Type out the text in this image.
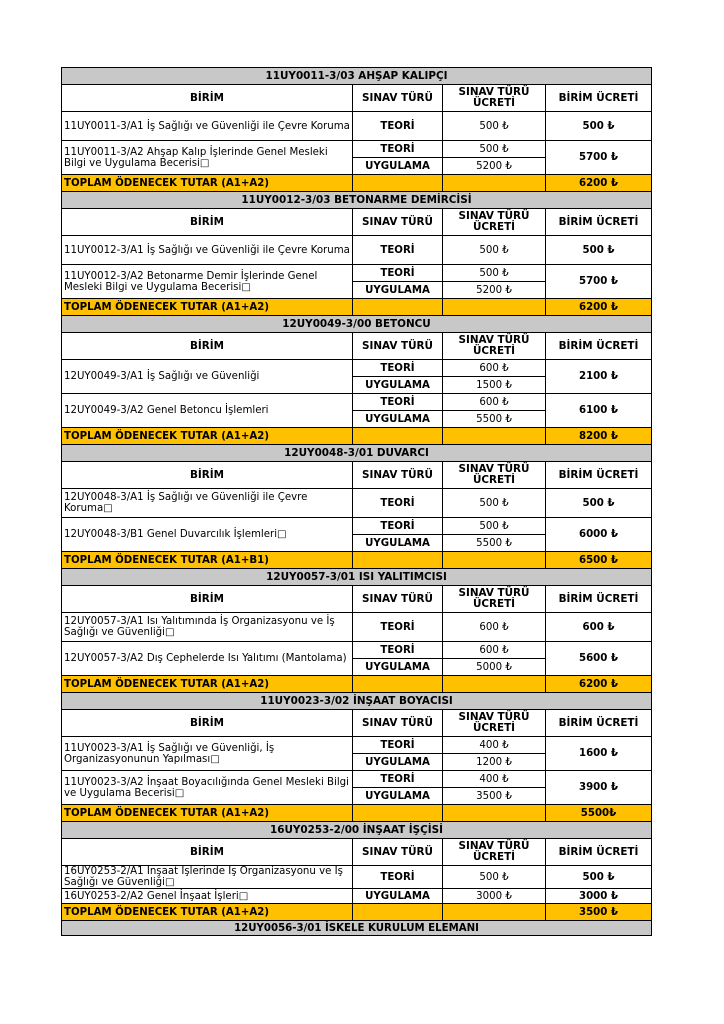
11UY0011-3/03 AHŞAP KALIPÇI			
BİRİM	SINAV TÜRÜ	SINAV TÜRÜ ÜCRETİ	BİRİM ÜCRETİ
11UY0011-3/A1 İş Sağlığı ve Güvenliği ile Çevre Koruma	TEORİ	500 ₺	500 ₺
11UY0011-3/A2 Ahşap Kalıp İşlerinde Genel Mesleki Bilgi ve Uygulama Becerisi□	TEORİ	500 ₺	5700 ₺
	UYGULAMA	5200 ₺	
TOPLAM ÖDENECEK TUTAR (A1+A2)			6200 ₺
11UY0012-3/03 BETONARME DEMİRCİSİ			
BİRİM	SINAV TÜRÜ	SINAV TÜRÜ ÜCRETİ	BİRİM ÜCRETİ
11UY0012-3/A1 İş Sağlığı ve Güvenliği ile Çevre Koruma	TEORİ	500 ₺	500 ₺
11UY0012-3/A2 Betonarme Demir İşlerinde Genel Mesleki Bilgi ve Uygulama Becerisi□	TEORİ	500 ₺	5700 ₺
	UYGULAMA	5200 ₺	
TOPLAM ÖDENECEK TUTAR (A1+A2)			6200 ₺
12UY0049-3/00 BETONCU			
BİRİM	SINAV TÜRÜ	SINAV TÜRÜ ÜCRETİ	BİRİM ÜCRETİ
12UY0049-3/A1 İş Sağlığı ve Güvenliği	TEORİ	600 ₺	2100 ₺
	UYGULAMA	1500 ₺	
12UY0049-3/A2 Genel Betoncu İşlemleri	TEORİ	600 ₺	6100 ₺
	UYGULAMA	5500 ₺	
TOPLAM ÖDENECEK TUTAR (A1+A2)			8200 ₺
12UY0048-3/01 DUVARCI			
BİRİM	SINAV TÜRÜ	SINAV TÜRÜ ÜCRETİ	BİRİM ÜCRETİ
12UY0048-3/A1 İş Sağlığı ve Güvenliği ile Çevre Koruma□	TEORİ	500 ₺	500 ₺
12UY0048-3/B1 Genel Duvarcılık İşlemleri□	TEORİ	500 ₺	6000 ₺
	UYGULAMA	5500 ₺	
TOPLAM ÖDENECEK TUTAR (A1+B1)			6500 ₺
12UY0057-3/01 ISI YALITIMCISI			
BİRİM	SINAV TÜRÜ	SINAV TÜRÜ ÜCRETİ	BİRİM ÜCRETİ
12UY0057-3/A1 Isı Yalıtımında İş Organizasyonu ve İş Sağlığı ve Güvenliği□	TEORİ	600 ₺	600 ₺
12UY0057-3/A2 Dış Cephelerde Isı Yalıtımı (Mantolama)	TEORİ	600 ₺	5600 ₺
	UYGULAMA	5000 ₺	
TOPLAM ÖDENECEK TUTAR (A1+A2)			6200 ₺
11UY0023-3/02 İNŞAAT BOYACISI			
BİRİM	SINAV TÜRÜ	SINAV TÜRÜ ÜCRETİ	BİRİM ÜCRETİ
11UY0023-3/A1 İş Sağlığı ve Güvenliği, İş Organizasyonunun Yapılması□	TEORİ	400 ₺	1600 ₺
	UYGULAMA	1200 ₺	
11UY0023-3/A2 İnşaat Boyacılığında Genel Mesleki Bilgi ve Uygulama Becerisi□	TEORİ	400 ₺	3900 ₺
	UYGULAMA	3500 ₺	
TOPLAM ÖDENECEK TUTAR (A1+A2)			5500₺
16UY0253-2/00 İNŞAAT İŞÇİSİ			
BİRİM	SINAV TÜRÜ	SINAV TÜRÜ ÜCRETİ	BİRİM ÜCRETİ
16UY0253-2/A1 İnşaat İşlerinde İş Organizasyonu ve İş Sağlığı ve Güvenliği□	TEORİ	500 ₺	500 ₺
16UY0253-2/A2 Genel İnşaat İşleri□	UYGULAMA	3000 ₺	3000 ₺
TOPLAM ÖDENECEK TUTAR (A1+A2)			3500 ₺
12UY0056-3/01 İSKELE KURULUM ELEMANI			
